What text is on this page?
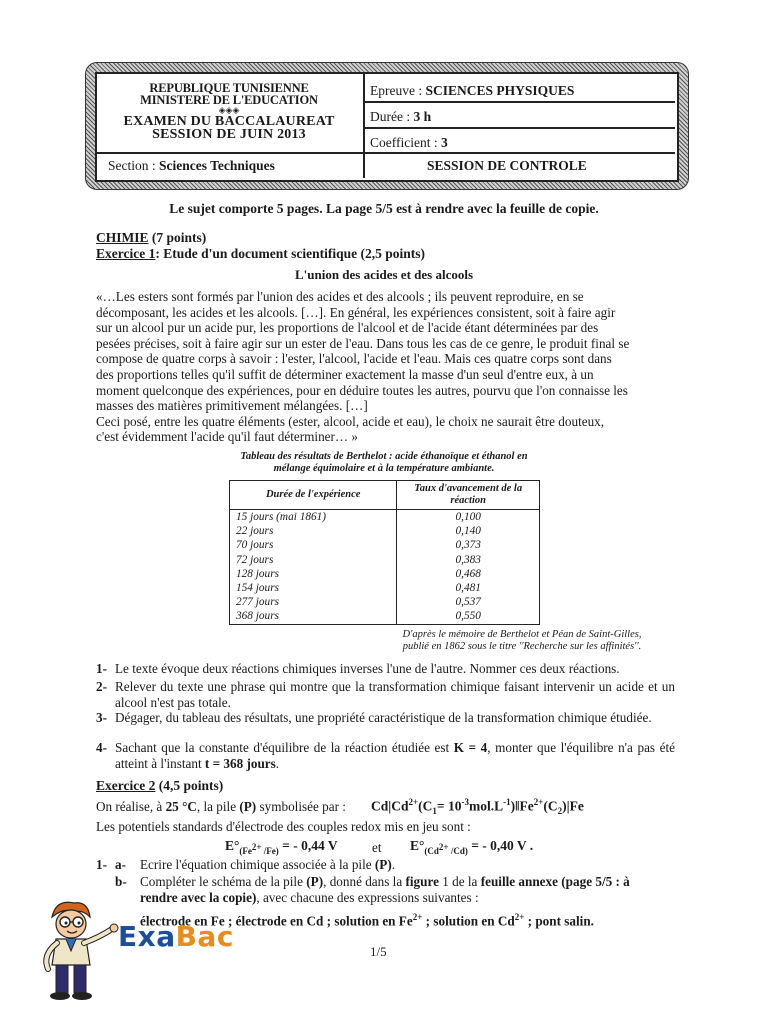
REPUBLIQUE TUNISIENNE
MINISTERE DE L'EDUCATION
◈◈◈
EXAMEN DU BACCALAUREAT
SESSION DE JUIN 2013
Epreuve : SCIENCES PHYSIQUES
Durée : 3 h
Coefficient : 3
Section : Sciences Techniques	SESSION DE CONTROLE
Le sujet comporte 5 pages. La page 5/5 est à rendre avec la feuille de copie.
CHIMIE (7 points)
Exercice 1: Etude d'un document scientifique (2,5 points)
L'union des acides et des alcools
«…Les esters sont formés par l'union des acides et des alcools ; ils peuvent reproduire, en se
décomposant, les acides et les alcools. […]. En général, les expériences consistent, soit à faire agir
sur un alcool pur un acide pur, les proportions de l'alcool et de l'acide étant déterminées par des
pesées précises, soit à faire agir sur un ester de l'eau. Dans tous les cas de ce genre, le produit final se
compose de quatre corps à savoir : l'ester, l'alcool, l'acide et l'eau. Mais ces quatre corps sont dans
des proportions telles qu'il suffit de déterminer exactement la masse d'un seul d'entre eux, à un
moment quelconque des expériences, pour en déduire toutes les autres, pourvu que l'on connaisse les
masses des matières primitivement mélangées. […]
Ceci posé, entre les quatre éléments (ester, alcool, acide et eau), le choix ne saurait être douteux,
c'est évidemment l'acide qu'il faut déterminer… »
Tableau des résultats de Berthelot : acide éthanoïque et éthanol en
mélange équimolaire et à la température ambiante.
Durée de l'expérience	Taux d'avancement de la réaction
15 jours (mai 1861)	0,100
22 jours	0,140
70 jours	0,373
72 jours	0,383
128 jours	0,468
154 jours	0,481
277 jours	0,537
368 jours	0,550
D'après le mémoire de Berthelot et Péan de Saint-Gilles,
publié en 1862 sous le titre ''Recherche sur les affinités''.
1- Le texte évoque deux réactions chimiques inverses l'une de l'autre. Nommer ces deux réactions.
2- Relever du texte une phrase qui montre que la transformation chimique faisant intervenir un acide et un alcool n'est pas totale.
3- Dégager, du tableau des résultats, une propriété caractéristique de la transformation chimique étudiée.
4- Sachant que la constante d'équilibre de la réaction étudiée est K = 4, monter que l'équilibre n'a pas été atteint à l'instant t = 368 jours.
Exercice 2 (4,5 points)
On réalise, à 25 °C, la pile (P) symbolisée par : $Cd|Cd^{2+}(C_1=$ $10^{-3}mol.L^{-1})‖Fe^{2+}(C_2)|Fe$
Les potentiels standards d'électrode des couples redox mis en jeu sont :
$E^\circ_{(Fe^{2+} /Fe)}$ = - 0,44 V	et $E^\circ_{(Cd^{2+} /Cd)}$ = - 0,40 V .
1- a- Ecrire l'équation chimique associée à la pile (P).
b- Compléter le schéma de la pile (P), donné dans la figure 1 de la feuille annexe (page 5/5 : à
rendre avec la copie), avec chacune des expressions suivantes :
électrode en Fe ; électrode en Cd ; solution en $Fe^{2+}$ ; solution en $Cd^{2+}$ ; pont salin.
ExaBac	1/5
